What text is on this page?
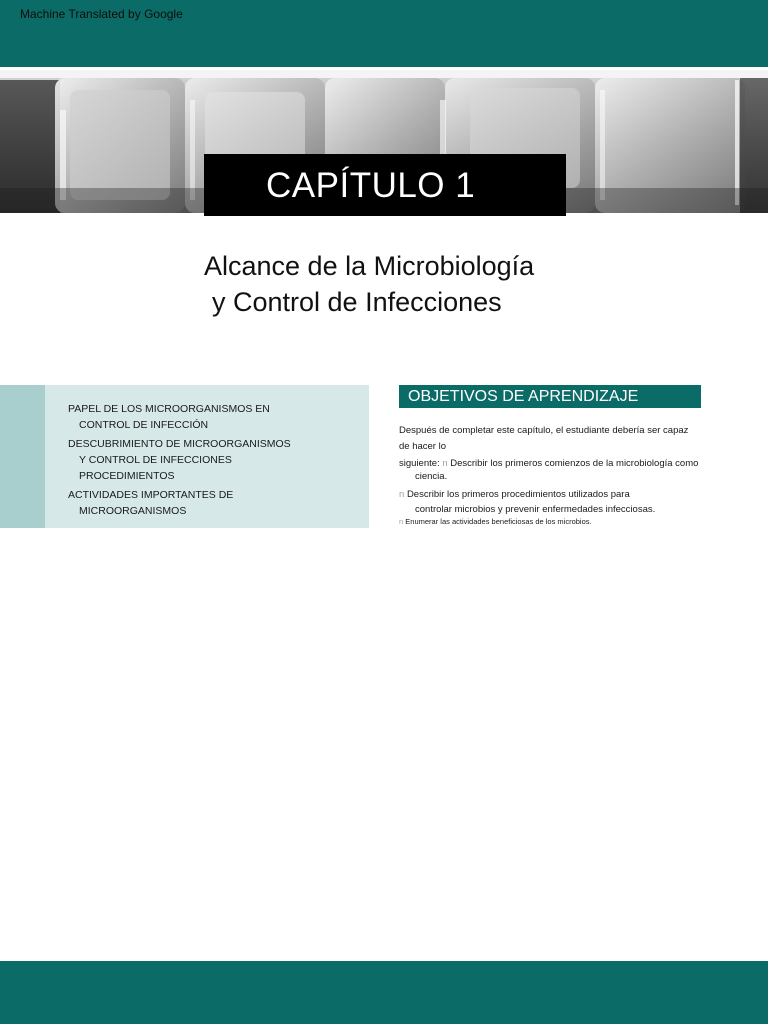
Machine Translated by Google
CAPÍTULO 1
Alcance de la Microbiología
y Control de Infecciones
PAPEL DE LOS MICROORGANISMOS EN
CONTROL DE INFECCIÓN
DESCUBRIMIENTO DE MICROORGANISMOS
Y CONTROL DE INFECCIONES
PROCEDIMIENTOS
ACTIVIDADES IMPORTANTES DE
MICROORGANISMOS
OBJETIVOS DE APRENDIZAJE
Después de completar este capítulo, el estudiante debería ser capaz
de hacer lo
siguiente: n Describir los primeros comienzos de la microbiología como
ciencia.
n Describir los primeros procedimientos utilizados para
controlar microbios y prevenir enfermedades infecciosas.
n Enumerar las actividades beneficiosas de los microbios.
